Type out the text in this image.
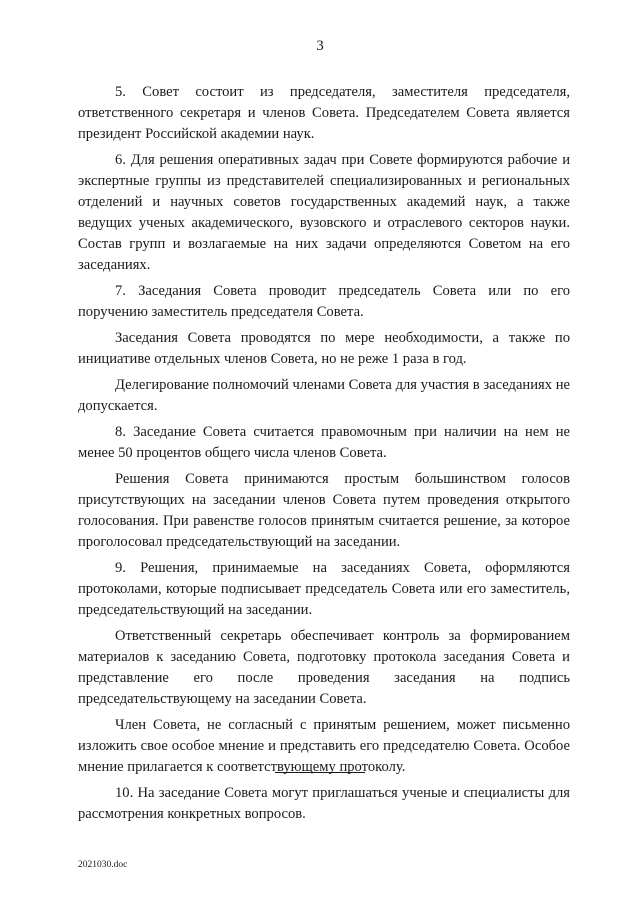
3

5. Совет состоит из председателя, заместителя председателя, ответственного секретаря и членов Совета. Председателем Совета является президент Российской академии наук.

6. Для решения оперативных задач при Совете формируются рабочие и экспертные группы из представителей специализированных и региональных отделений и научных советов государственных академий наук, а также ведущих ученых академического, вузовского и отраслевого секторов науки. Состав групп и возлагаемые на них задачи определяются Советом на его заседаниях.

7. Заседания Совета проводит председатель Совета или по его поручению заместитель председателя Совета.

Заседания Совета проводятся по мере необходимости, а также по инициативе отдельных членов Совета, но не реже 1 раза в год.

Делегирование полномочий членами Совета для участия в заседаниях не допускается.

8. Заседание Совета считается правомочным при наличии на нем не менее 50 процентов общего числа членов Совета.

Решения Совета принимаются простым большинством голосов присутствующих на заседании членов Совета путем проведения открытого голосования. При равенстве голосов принятым считается решение, за которое проголосовал председательствующий на заседании.

9. Решения, принимаемые на заседаниях Совета, оформляются протоколами, которые подписывает председатель Совета или его заместитель, председательствующий на заседании.

Ответственный секретарь обеспечивает контроль за формированием материалов к заседанию Совета, подготовку протокола заседания Совета и представление его после проведения заседания на подпись председательствующему на заседании Совета.

Член Совета, не согласный с принятым решением, может письменно изложить свое особое мнение и представить его председателю Совета. Особое мнение прилагается к соответствующему протоколу.

10. На заседание Совета могут приглашаться ученые и специалисты для рассмотрения конкретных вопросов.

2021030.doc
